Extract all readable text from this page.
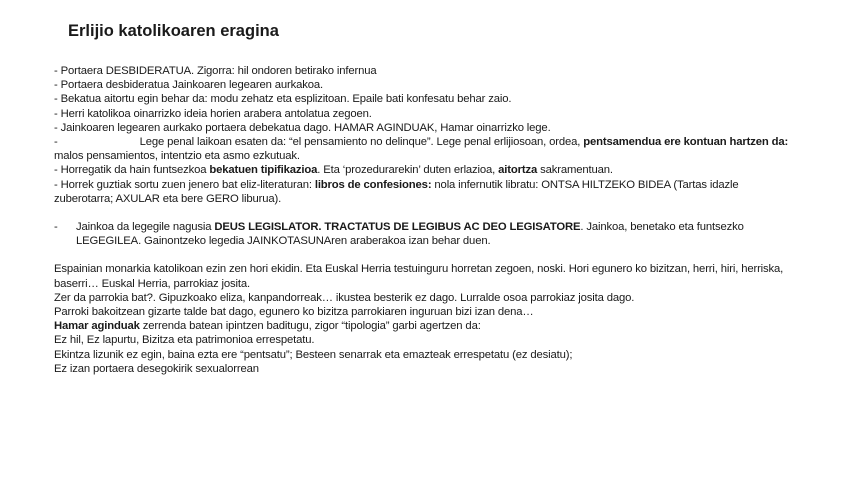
Erlijio katolikoaren eragina
- Portaera DESBIDERATUA. Zigorra: hil ondoren betirako infernua
- Portaera desbideratua Jainkoaren legearen aurkakoa.
- Bekatua aitortu egin behar da: modu zehatz eta esplizitoan. Epaile bati konfesatu behar zaio.
- Herri katolikoa oinarrizko ideia horien arabera antolatua zegoen.
- Jainkoaren legearen aurkako portaera debekatua dago. HAMAR AGINDUAK, Hamar oinarrizko lege.
-	Lege penal laikoan esaten da: “el pensamiento no delinque”. Lege penal erlijiosoan, ordea, pentsamendua ere kontuan hartzen da: malos pensamientos, intentzio eta asmo ezkutuak.
- Horregatik da hain funtsezkoa bekatuen tipifikazioa. Eta ‘prozedurarekin’ duten erlazioa, aitortza sakramentuan.
- Horrek guztiak sortu zuen jenero bat eliz-literaturan: libros de confesiones: nola infernutik libratu: ONTSA HILTZEKO BIDEA (Tartas idazle zuberotarra; AXULAR eta bere GERO liburua).
- Jainkoa da legegile nagusia DEUS LEGISLATOR. TRACTATUS DE LEGIBUS AC DEO LEGISATORE. Jainkoa, benetako eta funtsezko LEGEGILEA. Gainontzeko legedia JAINKOTASUNAren araberakoa izan behar duen.
Espainian monarkia katolikoan ezin zen hori ekidin. Eta Euskal Herria testuinguru horretan zegoen, noski. Hori egunero ko bizitzan, herri, hiri, herriska, baserri… Euskal Herria, parrokiaz josita.
Zer da parrokia bat?. Gipuzkoako eliza, kanpandorreak… ikustea besterik ez dago. Lurralde osoa parrokiaz josita dago.
Parroki bakoitzean gizarte talde bat dago, egunero ko bizitza parrokiaren inguruan bizi izan dena…
Hamar aginduak zerrenda batean ipintzen baditugu, zigor “tipologia” garbi agertzen da:
Ez hil, Ez lapurtu, Bizitza eta patrimonioa errespetatu.
Ekintza lizunik ez egin, baina ezta ere “pentsatu”; Besteen senarrak eta emazteak errespetatu (ez desiatu);
Ez izan portaera desegokirik sexualorrean
